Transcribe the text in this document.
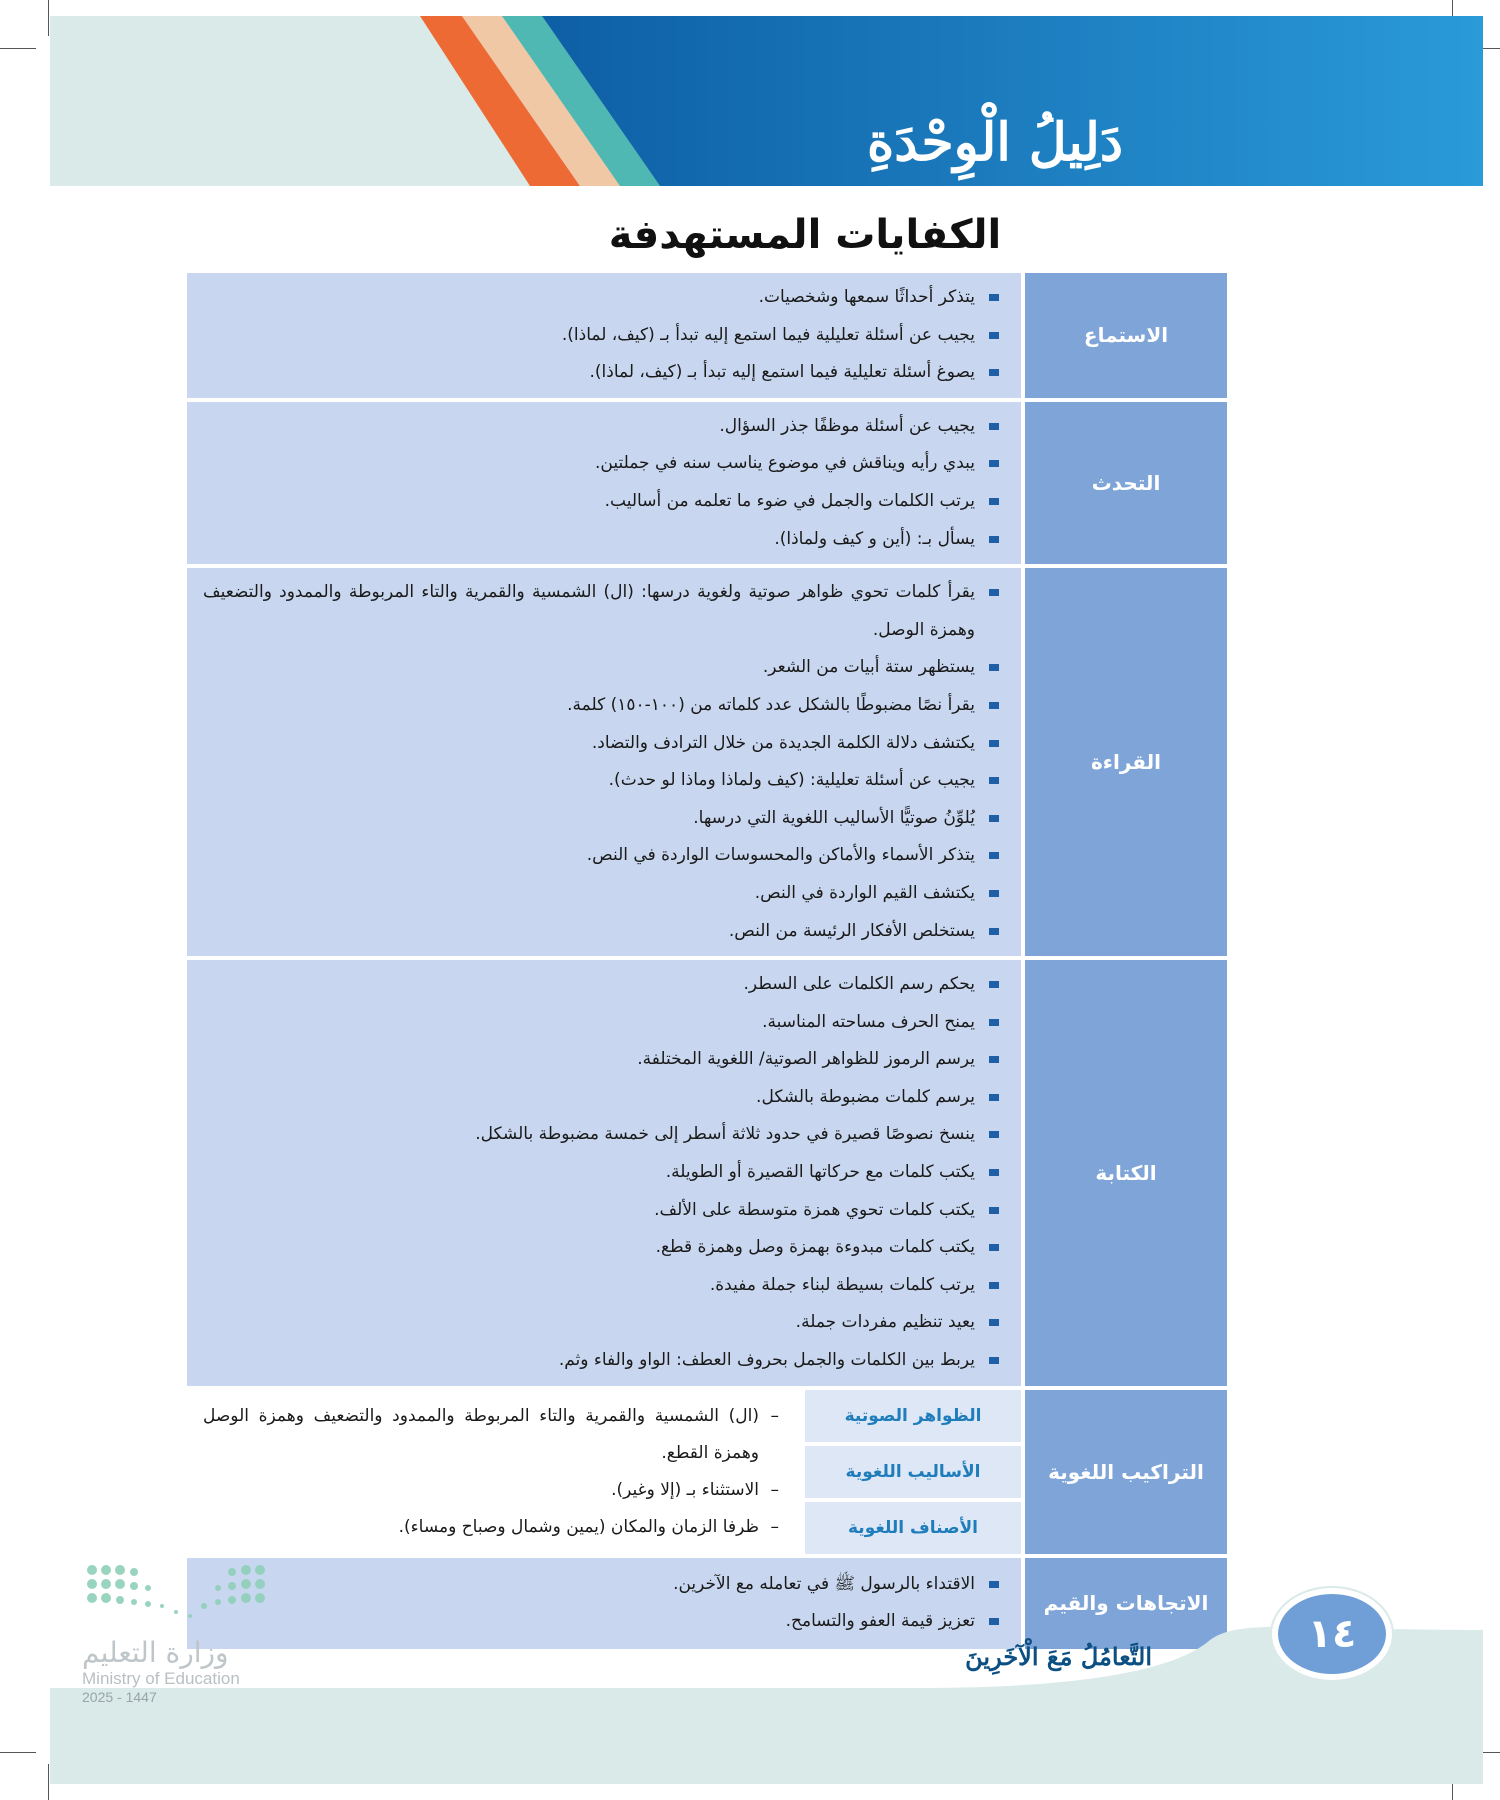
دَلِيلُ الْوِحْدَةِ
الكفايات المستهدفة
الاستماع
يتذكر أحداثًا سمعها وشخصيات.
يجيب عن أسئلة تعليلية فيما استمع إليه تبدأ بـ (كيف، لماذا).
يصوغ أسئلة تعليلية فيما استمع إليه تبدأ بـ (كيف، لماذا).
التحدث
يجيب عن أسئلة موظفًا جذر السؤال.
يبدي رأيه ويناقش في موضوع يناسب سنه في جملتين.
يرتب الكلمات والجمل في ضوء ما تعلمه من أساليب.
يسأل بـ: (أين و كيف ولماذا).
القراءة
يقرأ كلمات تحوي ظواهر صوتية ولغوية درسها: (ال) الشمسية والقمرية والتاء المربوطة والممدود والتضعيف وهمزة الوصل.
يستظهر ستة أبيات من الشعر.
يقرأ نصًا مضبوطًا بالشكل عدد كلماته من (١٠٠-١٥٠) كلمة.
يكتشف دلالة الكلمة الجديدة من خلال الترادف والتضاد.
يجيب عن أسئلة تعليلية: (كيف ولماذا وماذا لو حدث).
يُلوِّنُ صوتيًّا الأساليب اللغوية التي درسها.
يتذكر الأسماء والأماكن والمحسوسات الواردة في النص.
يكتشف القيم الواردة في النص.
يستخلص الأفكار الرئيسة من النص.
الكتابة
يحكم رسم الكلمات على السطر.
يمنح الحرف مساحته المناسبة.
يرسم الرموز للظواهر الصوتية/ اللغوية المختلفة.
يرسم كلمات مضبوطة بالشكل.
ينسخ نصوصًا قصيرة في حدود ثلاثة أسطر إلى خمسة مضبوطة بالشكل.
يكتب كلمات مع حركاتها القصيرة أو الطويلة.
يكتب كلمات تحوي همزة متوسطة على الألف.
يكتب كلمات مبدوءة بهمزة وصل وهمزة قطع.
يرتب كلمات بسيطة لبناء جملة مفيدة.
يعيد تنظيم مفردات جملة.
يربط بين الكلمات والجمل بحروف العطف: الواو والفاء وثم.
التراكيب اللغوية
الظواهر الصوتية
الأساليب اللغوية
الأصناف اللغوية
–
(ال) الشمسية والقمرية والتاء المربوطة والممدود والتضعيف وهمزة الوصل وهمزة القطع.
–
الاستثناء بـ (إلا وغير).
–
ظرفا الزمان والمكان (يمين وشمال وصباح ومساء).
الاتجاهات والقيم
الاقتداء بالرسول ﷺ في تعامله مع الآخرين.
تعزيز قيمة العفو والتسامح.
التَّعامُلُ مَعَ الْآخَرِينَ	١٤
وزارة التعليم
Ministry of Education
2025 - 1447
